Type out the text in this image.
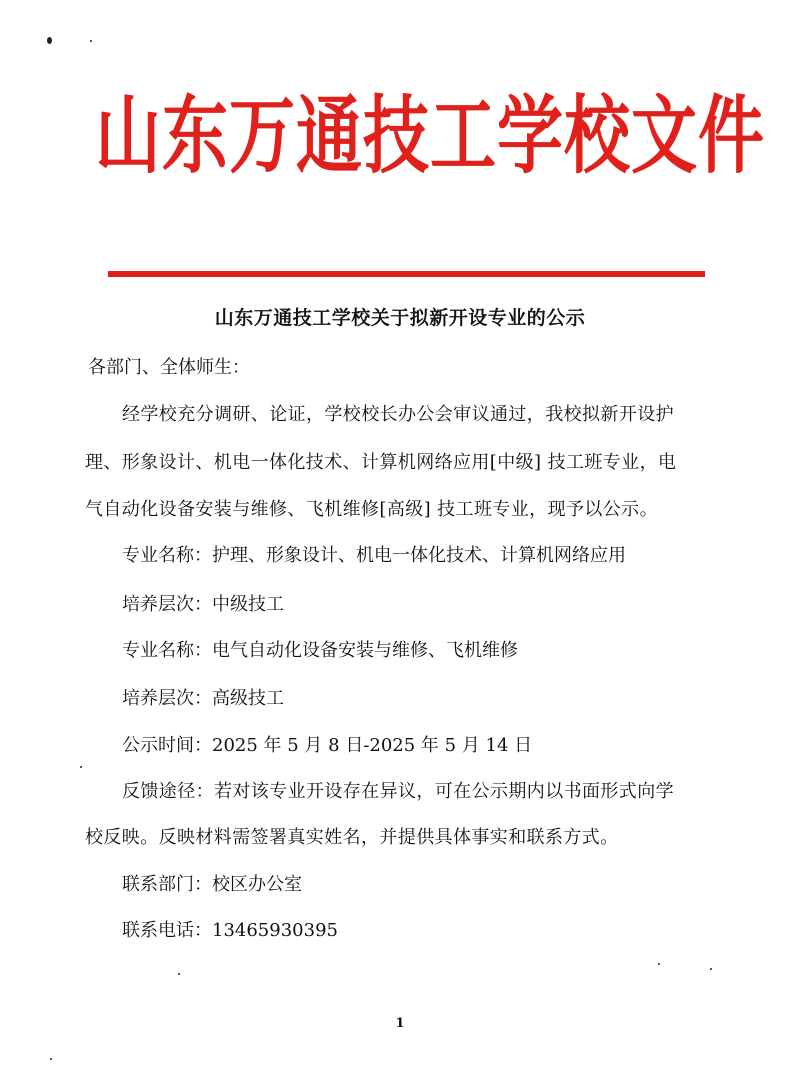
山东万通技工学校文件
山东万通技工学校关于拟新开设专业的公示
各部门、全体师生：
经学校充分调研、论证，学校校长办公会审议通过，我校拟新开设护
理、形象设计、机电一体化技术、计算机网络应用[中级] 技工班专业，电
气自动化设备安装与维修、飞机维修[高级] 技工班专业，现予以公示。
专业名称：护理、形象设计、机电一体化技术、计算机网络应用
培养层次：中级技工
专业名称：电气自动化设备安装与维修、飞机维修
培养层次：高级技工
公示时间：2025 年 5 月 8 日-2025 年 5 月 14 日
反馈途径：若对该专业开设存在异议，可在公示期内以书面形式向学
校反映。反映材料需签署真实姓名，并提供具体事实和联系方式。
联系部门：校区办公室
联系电话：13465930395
1
